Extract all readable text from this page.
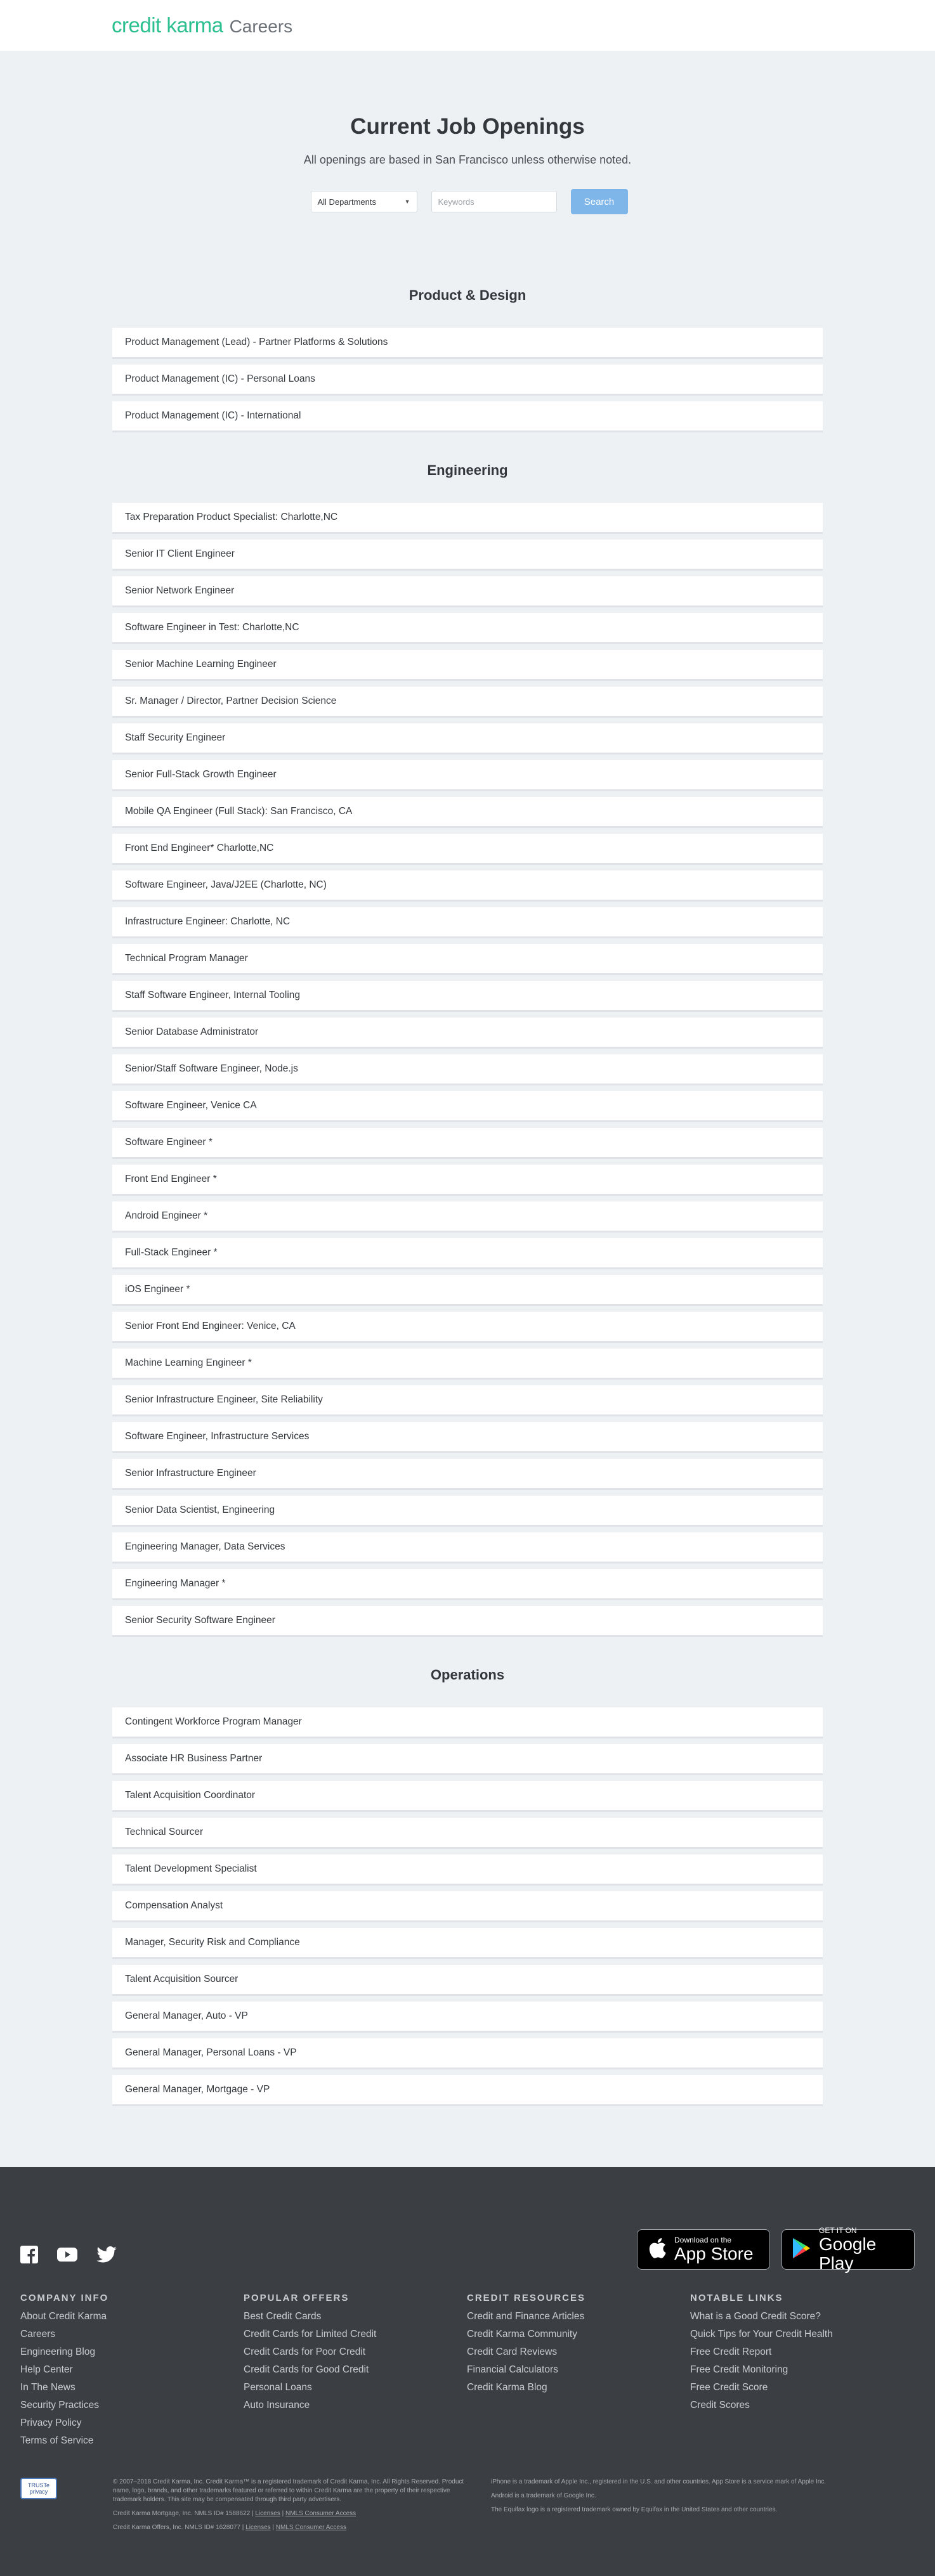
credit karma Careers
Current Job Openings

All openings are based in San Francisco unless otherwise noted.

All Departments	▼
Keywords	Search
Product & Design
Product Management (Lead) - Partner Platforms & Solutions
Product Management (IC) - Personal Loans
Product Management (IC) - International
Engineering
Tax Preparation Product Specialist: Charlotte,NC
Senior IT Client Engineer
Senior Network Engineer
Software Engineer in Test: Charlotte,NC
Senior Machine Learning Engineer
Sr. Manager / Director, Partner Decision Science
Staff Security Engineer
Senior Full-Stack Growth Engineer
Mobile QA Engineer (Full Stack): San Francisco, CA
Front End Engineer* Charlotte,NC
Software Engineer, Java/J2EE (Charlotte, NC)
Infrastructure Engineer: Charlotte, NC
Technical Program Manager
Staff Software Engineer, Internal Tooling
Senior Database Administrator
Senior/Staff Software Engineer, Node.js
Software Engineer, Venice CA
Software Engineer *
Front End Engineer *
Android Engineer *
Full-Stack Engineer *
iOS Engineer *
Senior Front End Engineer: Venice, CA
Machine Learning Engineer *
Senior Infrastructure Engineer, Site Reliability
Software Engineer, Infrastructure Services
Senior Infrastructure Engineer
Senior Data Scientist, Engineering
Engineering Manager, Data Services
Engineering Manager *
Senior Security Software Engineer
Operations
Contingent Workforce Program Manager
Associate HR Business Partner
Talent Acquisition Coordinator
Technical Sourcer
Talent Development Specialist
Compensation Analyst
Manager, Security Risk and Compliance
Talent Acquisition Sourcer
General Manager, Auto - VP
General Manager, Personal Loans - VP
General Manager, Mortgage - VP
Download on the
App Store
GET IT ON
Google Play
COMPANY INFO
About Credit Karma
Careers
Engineering Blog
Help Center
In The News
Security Practices
Privacy Policy
Terms of Service
POPULAR OFFERS
Best Credit Cards
Credit Cards for Limited Credit
Credit Cards for Poor Credit
Credit Cards for Good Credit
Personal Loans
Auto Insurance
CREDIT RESOURCES
Credit and Finance Articles
Credit Karma Community
Credit Card Reviews
Financial Calculators
Credit Karma Blog
NOTABLE LINKS
What is a Good Credit Score?
Quick Tips for Your Credit Health
Free Credit Report
Free Credit Monitoring
Free Credit Score
Credit Scores
TRUSTe
privacy

© 2007–2018 Credit Karma, Inc. Credit Karma™ is a registered trademark of Credit Karma, Inc. All Rights Reserved. Product name, logo, brands, and other trademarks featured or referred to within Credit Karma are the property of their respective trademark holders. This site may be compensated through third party advertisers.

Credit Karma Mortgage, Inc. NMLS ID# 1588622 | Licenses | NMLS Consumer Access

Credit Karma Offers, Inc. NMLS ID# 1628077 | Licenses | NMLS Consumer Access

iPhone is a trademark of Apple Inc., registered in the U.S. and other countries. App Store is a service mark of Apple Inc.

Android is a trademark of Google Inc.

The Equifax logo is a registered trademark owned by Equifax in the United States and other countries.
